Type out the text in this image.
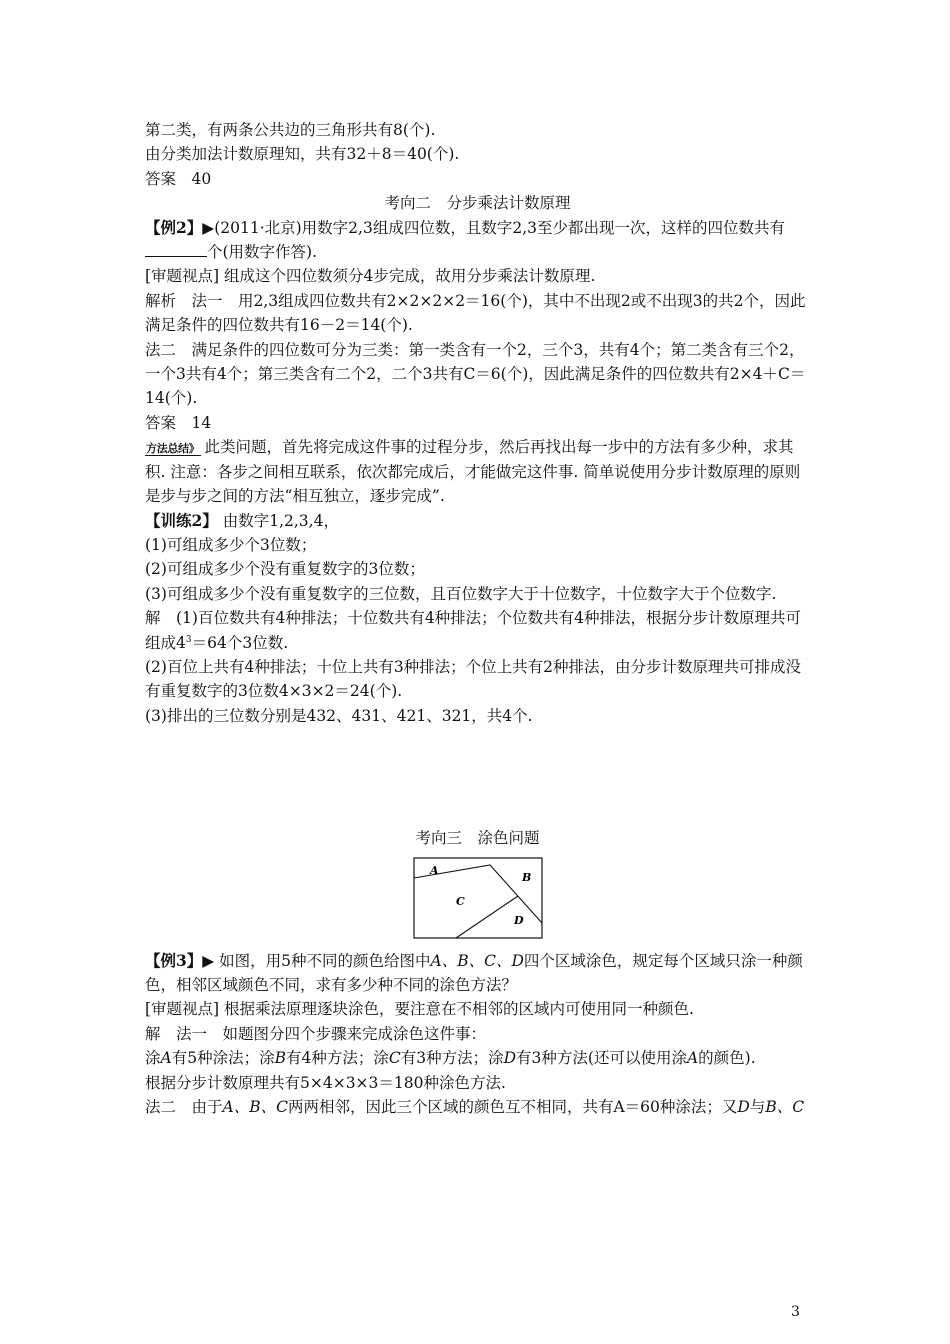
第二类，有两条公共边的三角形共有8(个).

由分类加法计数原理知，共有32＋8＝40(个).

答案　40

考向二　分步乘法计数原理

【例2】▶(2011·北京)用数字2,3组成四位数，且数字2,3至少都出现一次，这样的四位数共有个(用数字作答).

[审题视点] 组成这个四位数须分4步完成，故用分步乘法计数原理.

解析　法一　用2,3组成四位数共有2×2×2×2＝16(个)，其中不出现2或不出现3的共2个，因此满足条件的四位数共有16－2＝14(个).

法二　满足条件的四位数可分为三类：第一类含有一个2，三个3，共有4个；第二类含有三个2，一个3共有4个；第三类含有二个2，二个3共有C＝6(个)，因此满足条件的四位数共有2×4＋C＝14(个).

答案　14

方法总结》 此类问题，首先将完成这件事的过程分步，然后再找出每一步中的方法有多少种，求其积. 注意：各步之间相互联系，依次都完成后，才能做完这件事. 简单说使用分步计数原理的原则是步与步之间的方法“相互独立，逐步完成”.

【训练2】 由数字1,2,3,4，

(1)可组成多少个3位数；

(2)可组成多少个没有重复数字的3位数；

(3)可组成多少个没有重复数字的三位数，且百位数字大于十位数字，十位数字大于个位数字.

解　(1)百位数共有4种排法；十位数共有4种排法；个位数共有4种排法，根据分步计数原理共可组成$4^3=64$个3位数.

(2)百位上共有4种排法；十位上共有3种排法；个位上共有2种排法，由分步计数原理共可排成没有重复数字的3位数4×3×2＝24(个).

(3)排出的三位数分别是432、431、421、321，共4个.

考向三　涂色问题

A
B
C
D

【例3】▶ 如图，用5种不同的颜色给图中A、B、C、D四个区域涂色，规定每个区域只涂一种颜色，相邻区域颜色不同，求有多少种不同的涂色方法？

[审题视点] 根据乘法原理逐块涂色，要注意在不相邻的区域内可使用同一种颜色.

解　法一　如题图分四个步骤来完成涂色这件事：

涂A有5种涂法；涂B有4种方法；涂C有3种方法；涂D有3种方法(还可以使用涂A的颜色).

根据分步计数原理共有5×4×3×3＝180种涂色方法.

法二　由于A、B、C两两相邻，因此三个区域的颜色互不相同，共有A＝60种涂法；又D与B、C

3
